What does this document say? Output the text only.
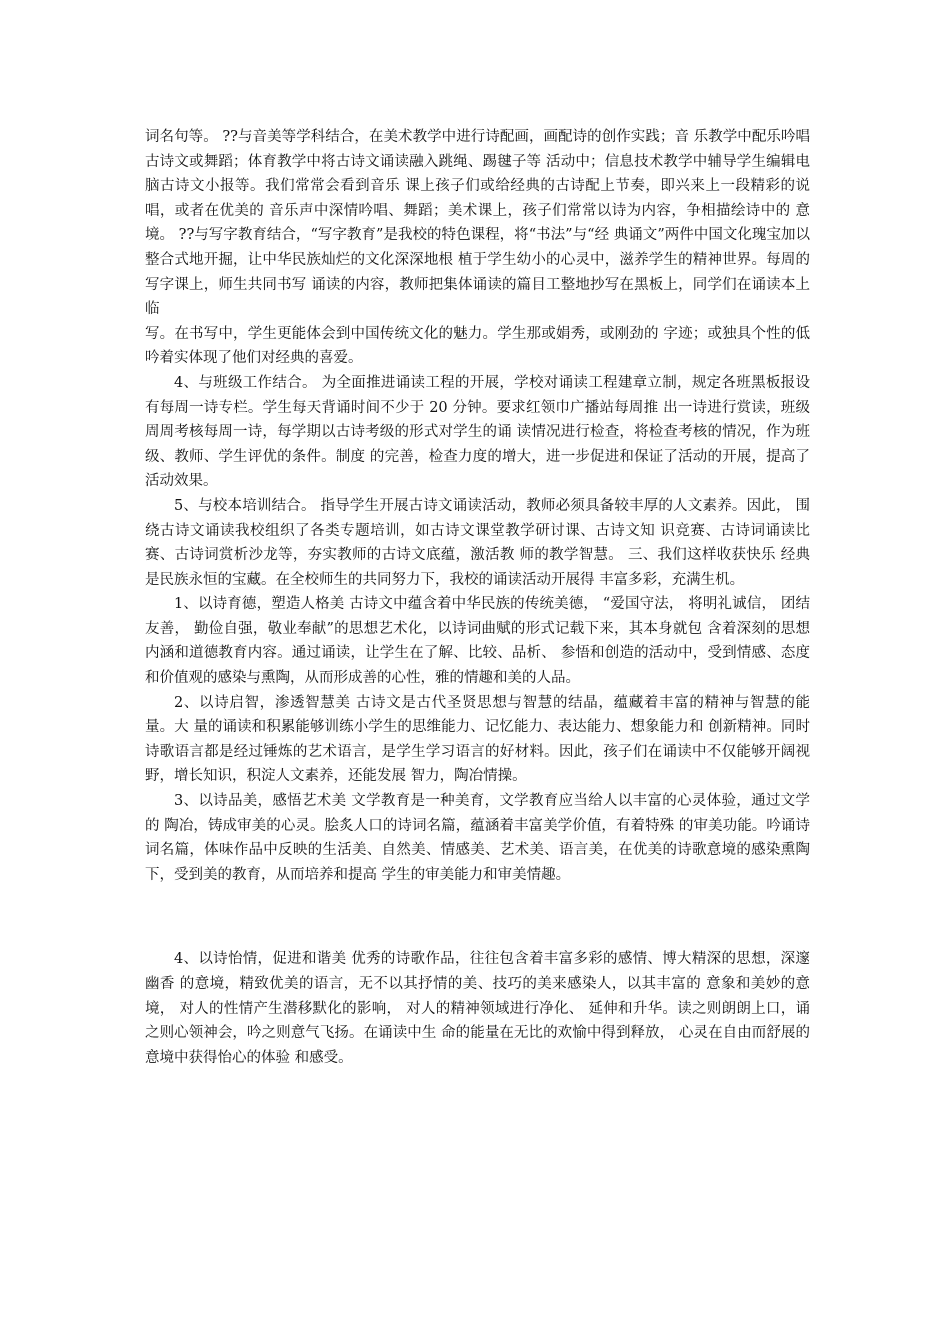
词名句等。 ??与音美等学科结合，在美术教学中进行诗配画，画配诗的创作实践；音 乐教学中配乐吟唱古诗文或舞蹈；体育教学中将古诗文诵读融入跳绳、踢毽子等 活动中；信息技术教学中辅导学生编辑电脑古诗文小报等。我们常常会看到音乐 课上孩子们或给经典的古诗配上节奏，即兴来上一段精彩的说唱，或者在优美的 音乐声中深情吟唱、舞蹈；美术课上，孩子们常常以诗为内容，争相描绘诗中的 意境。 ??与写字教育结合，“写字教育”是我校的特色课程，将“书法”与“经 典诵文”两件中国文化瑰宝加以整合式地开掘，让中华民族灿烂的文化深深地根 植于学生幼小的心灵中，滋养学生的精神世界。每周的写字课上，师生共同书写 诵读的内容，教师把集体诵读的篇目工整地抄写在黑板上，同学们在诵读本上临

写。在书写中，学生更能体会到中国传统文化的魅力。学生那或娟秀，或刚劲的 字迹；或独具个性的低吟着实体现了他们对经典的喜爱。

4、与班级工作结合。 为全面推进诵读工程的开展，学校对诵读工程建章立制，规定各班黑板报设 有每周一诗专栏。学生每天背诵时间不少于 20 分钟。要求红领巾广播站每周推 出一诗进行赏读，班级周周考核每周一诗，每学期以古诗考级的形式对学生的诵 读情况进行检查，将检查考核的情况，作为班级、教师、学生评优的条件。制度 的完善，检查力度的增大，进一步促进和保证了活动的开展，提高了活动效果。

5、与校本培训结合。 指导学生开展古诗文诵读活动，教师必须具备较丰厚的人文素养。因此， 围绕古诗文诵读我校组织了各类专题培训，如古诗文课堂教学研讨课、古诗文知 识竞赛、古诗词诵读比赛、古诗词赏析沙龙等，夯实教师的古诗文底蕴，激活教 师的教学智慧。 三、我们这样收获快乐 经典是民族永恒的宝藏。在全校师生的共同努力下，我校的诵读活动开展得 丰富多彩，充满生机。

1、以诗育德，塑造人格美 古诗文中蕴含着中华民族的传统美德， “爱国守法， 将明礼诚信， 团结友善， 勤俭自强，敬业奉献”的思想艺术化，以诗词曲赋的形式记载下来，其本身就包 含着深刻的思想内涵和道德教育内容。通过诵读，让学生在了解、比较、品析、 参悟和创造的活动中，受到情感、态度和价值观的感染与熏陶，从而形成善的心性，雅的情趣和美的人品。

2、以诗启智，渗透智慧美 古诗文是古代圣贤思想与智慧的结晶，蕴藏着丰富的精神与智慧的能量。大 量的诵读和积累能够训练小学生的思维能力、记忆能力、表达能力、想象能力和 创新精神。同时诗歌语言都是经过锤炼的艺术语言，是学生学习语言的好材料。因此，孩子们在诵读中不仅能够开阔视野，增长知识，积淀人文素养，还能发展 智力，陶冶情操。

3、以诗品美，感悟艺术美 文学教育是一种美育，文学教育应当给人以丰富的心灵体验，通过文学的 陶冶，铸成审美的心灵。脍炙人口的诗词名篇，蕴涵着丰富美学价值，有着特殊 的审美功能。吟诵诗词名篇，体味作品中反映的生活美、自然美、情感美、艺术美、语言美，在优美的诗歌意境的感染熏陶下，受到美的教育，从而培养和提高 学生的审美能力和审美情趣。

4、以诗怡情，促进和谐美 优秀的诗歌作品，往往包含着丰富多彩的感情、博大精深的思想，深邃幽香 的意境，精致优美的语言，无不以其抒情的美、技巧的美来感染人，以其丰富的 意象和美妙的意境， 对人的性情产生潜移默化的影响， 对人的精神领域进行净化、 延伸和升华。读之则朗朗上口，诵之则心领神会，吟之则意气飞扬。在诵读中生 命的能量在无比的欢愉中得到释放， 心灵在自由而舒展的意境中获得怡心的体验 和感受。
